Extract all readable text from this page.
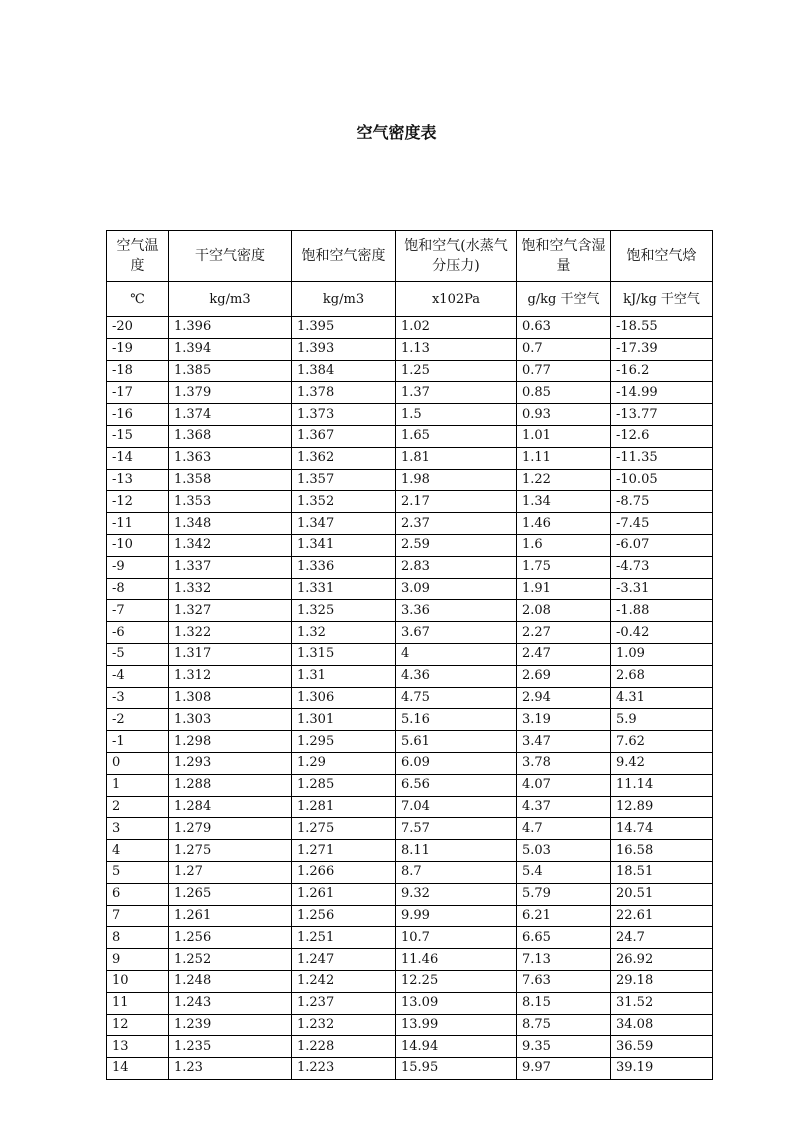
空气密度表
空气温度	干空气密度	饱和空气密度	饱和空气(水蒸气分压力)	饱和空气含湿量	饱和空气焓
℃	kg/m3	kg/m3	x102Pa	g/kg 干空气	kJ/kg 干空气
-20	1.396	1.395	1.02	0.63	-18.55
-19	1.394	1.393	1.13	0.7	-17.39
-18	1.385	1.384	1.25	0.77	-16.2
-17	1.379	1.378	1.37	0.85	-14.99
-16	1.374	1.373	1.5	0.93	-13.77
-15	1.368	1.367	1.65	1.01	-12.6
-14	1.363	1.362	1.81	1.11	-11.35
-13	1.358	1.357	1.98	1.22	-10.05
-12	1.353	1.352	2.17	1.34	-8.75
-11	1.348	1.347	2.37	1.46	-7.45
-10	1.342	1.341	2.59	1.6	-6.07
-9	1.337	1.336	2.83	1.75	-4.73
-8	1.332	1.331	3.09	1.91	-3.31
-7	1.327	1.325	3.36	2.08	-1.88
-6	1.322	1.32	3.67	2.27	-0.42
-5	1.317	1.315	4	2.47	1.09
-4	1.312	1.31	4.36	2.69	2.68
-3	1.308	1.306	4.75	2.94	4.31
-2	1.303	1.301	5.16	3.19	5.9
-1	1.298	1.295	5.61	3.47	7.62
0	1.293	1.29	6.09	3.78	9.42
1	1.288	1.285	6.56	4.07	11.14
2	1.284	1.281	7.04	4.37	12.89
3	1.279	1.275	7.57	4.7	14.74
4	1.275	1.271	8.11	5.03	16.58
5	1.27	1.266	8.7	5.4	18.51
6	1.265	1.261	9.32	5.79	20.51
7	1.261	1.256	9.99	6.21	22.61
8	1.256	1.251	10.7	6.65	24.7
9	1.252	1.247	11.46	7.13	26.92
10	1.248	1.242	12.25	7.63	29.18
11	1.243	1.237	13.09	8.15	31.52
12	1.239	1.232	13.99	8.75	34.08
13	1.235	1.228	14.94	9.35	36.59
14	1.23	1.223	15.95	9.97	39.19
